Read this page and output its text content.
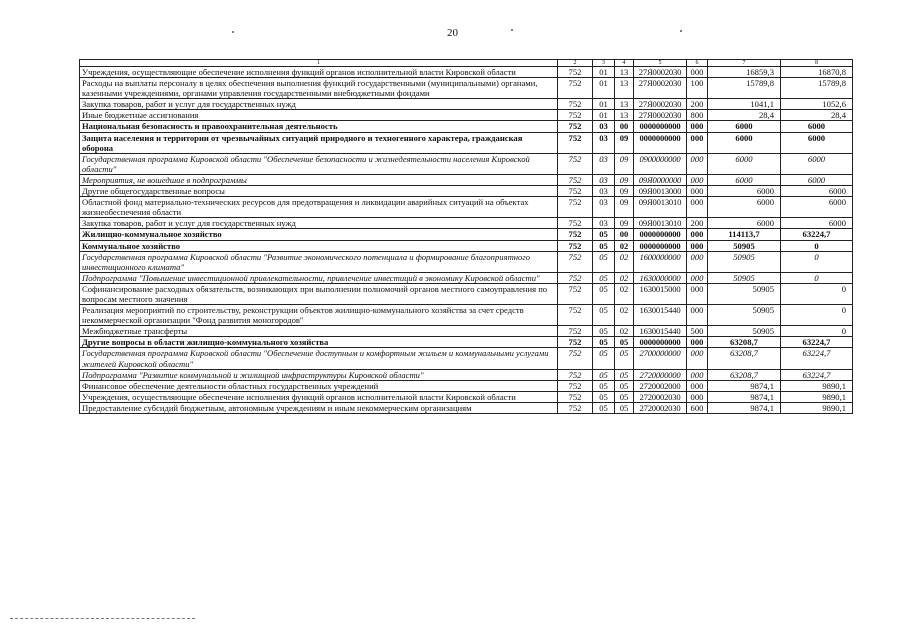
20
1	2	3	4	5	6	7	8
Учреждения, осуществляющие обеспечение исполнения функций органов исполнительной власти Кировской области	752	01	13	27Я0002030	000	16859,3	16870,8
Расходы на выплаты персоналу в целях обеспечения выполнения функций государственными (муниципальными) органами, казенными учреждениями, органами управления государственными внебюджетными фондами	752	01	13	27Я0002030	100	15789,8	15789,8
Закупка товаров, работ и услуг для государственных нужд	752	01	13	27Я0002030	200	1041,1	1052,6
Иные бюджетные ассигнования	752	01	13	27Я0002030	800	28,4	28,4
Национальная безопасность и правоохранительная деятельность	752	03	00	0000000000	000	6000	6000
Защита населения и территории от чрезвычайных ситуаций природного и техногенного характера, гражданская оборона	752	03	09	0000000000	000	6000	6000
Государственная программа Кировской области "Обеспечение безопасности и жизнедеятельности населения Кировской области"	752	03	09	0900000000	000	6000	6000
Мероприятия, не вошедшие в подпрограммы	752	03	09	09Я0000000	000	6000	6000
Другие общегосударственные вопросы	752	03	09	09Я0013000	000	6000	6000
Областной фонд материально-технических ресурсов для предотвращения и ликвидации аварийных ситуаций на объектах жизнеобеспечения области	752	03	09	09Я0013010	000	6000	6000
Закупка товаров, работ и услуг для государственных нужд	752	03	09	09Я0013010	200	6000	6000
Жилищно-коммунальное хозяйство	752	05	00	0000000000	000	114113,7	63224,7
Коммунальное хозяйство	752	05	02	0000000000	000	50905	0
Государственная программа Кировской области "Развитие экономического потенциала и формирование благоприятного инвестиционного климата"	752	05	02	1600000000	000	50905	0
Подпрограмма "Повышение инвестиционной привлекательности, привлечение инвестиций в экономику Кировской области"	752	05	02	1630000000	000	50905	0
Софинансирование расходных обязательств, возникающих при выполнении полномочий органов местного самоуправления по вопросам местного значения	752	05	02	1630015000	000	50905	0
Реализация мероприятий по строительству, реконструкции объектов жилищно-коммунального хозяйства за счет средств некоммерческой организации "Фонд развития моногородов"	752	05	02	1630015440	000	50905	0
Межбюджетные трансферты	752	05	02	1630015440	500	50905	0
Другие вопросы в области жилищно-коммунального хозяйства	752	05	05	0000000000	000	63208,7	63224,7
Государственная программа Кировской области "Обеспечение доступным и комфортным жильем и коммунальными услугами жителей Кировской области"	752	05	05	2700000000	000	63208,7	63224,7
Подпрограмма "Развитие коммунальной и жилищной инфраструктуры Кировской области"	752	05	05	2720000000	000	63208,7	63224,7
Финансовое обеспечение деятельности областных государственных учреждений	752	05	05	2720002000	000	9874,1	9890,1
Учреждения, осуществляющие обеспечение исполнения функций органов исполнительной власти Кировской области	752	05	05	2720002030	000	9874,1	9890,1
Предоставление субсидий бюджетным, автономным учреждениям и иным некоммерческим организациям	752	05	05	2720002030	600	9874,1	9890,1
